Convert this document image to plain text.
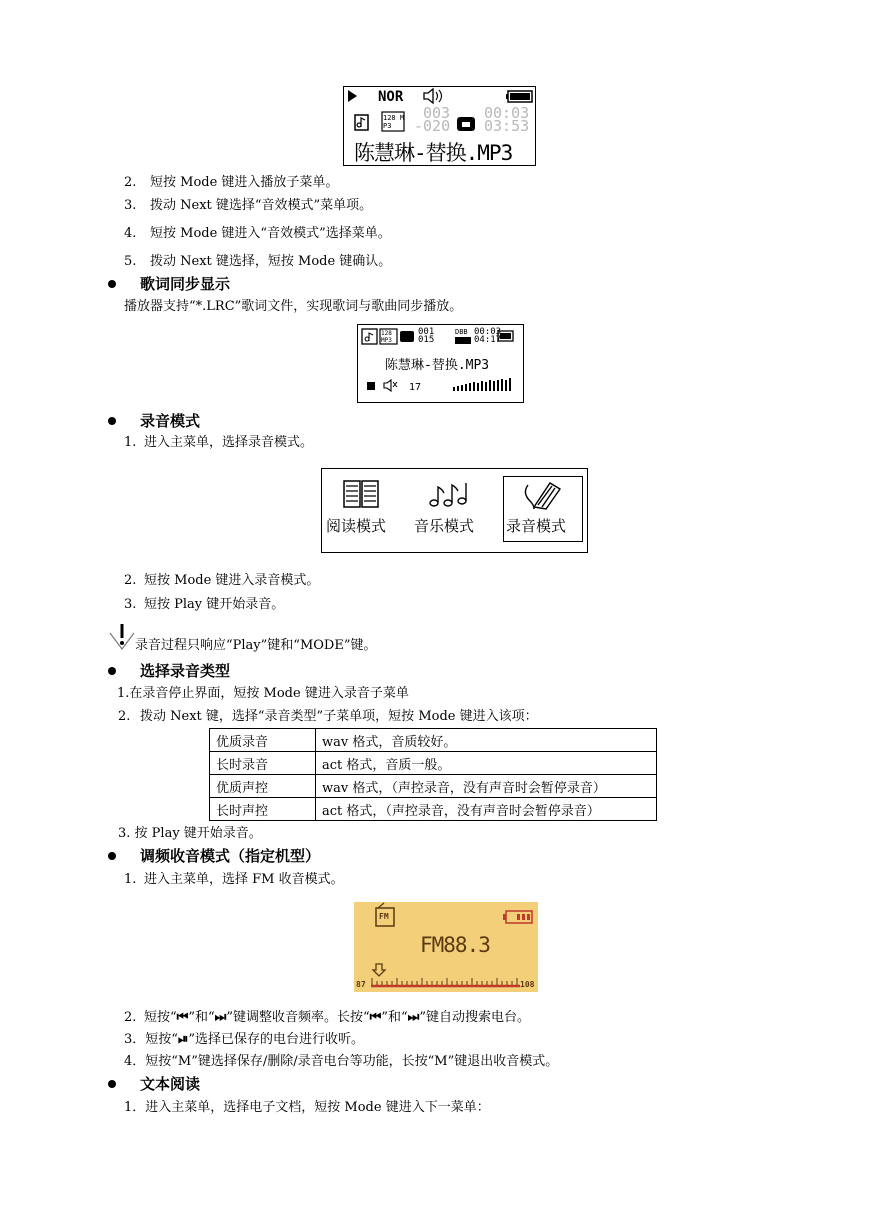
NOR
128 MP3
003
-020
00:03
03:53
陈慧琳-替换.MP3
2. 短按 Mode 键进入播放子菜单。
3. 拨动 Next 键选择“音效模式”菜单项。
4. 短按 Mode 键进入“音效模式”选择菜单。
5. 拨动 Next 键选择，短按 Mode 键确认。
歌词同步显示
播放器支持“*.LRC”歌词文件，实现歌词与歌曲同步播放。
128 MP3
001
015
DBB 00:03
04:17
陈慧琳-替换.MP3
17
录音模式
1. 进入主菜单，选择录音模式。
阅读模式 音乐模式 录音模式
2. 短按 Mode 键进入录音模式。
3. 短按 Play 键开始录音。
录音过程只响应“Play”键和“MODE”键。
选择录音类型
1.在录音停止界面，短按 Mode 键进入录音子菜单
2. 拨动 Next 键，选择“录音类型”子菜单项，短按 Mode 键进入该项：
优质录音	wav 格式，音质较好。
长时录音	act 格式，音质一般。
优质声控	wav 格式，（声控录音，没有声音时会暂停录音）
长时声控	act 格式，（声控录音，没有声音时会暂停录音）
3. 按 Play 键开始录音。
调频收音模式（指定机型）
1. 进入主菜单，选择 FM 收音模式。
FM
FM88.3
87	108
2. 短按“⏮”和“⏭”键调整收音频率。长按“⏮”和“⏭”键自动搜索电台。
3．短按“⏯”选择已保存的电台进行收听。
4．短按“M”键选择保存/删除/录音电台等功能，长按“M”键退出收音模式。
文本阅读
1．进入主菜单，选择电子文档，短按 Mode 键进入下一菜单：
